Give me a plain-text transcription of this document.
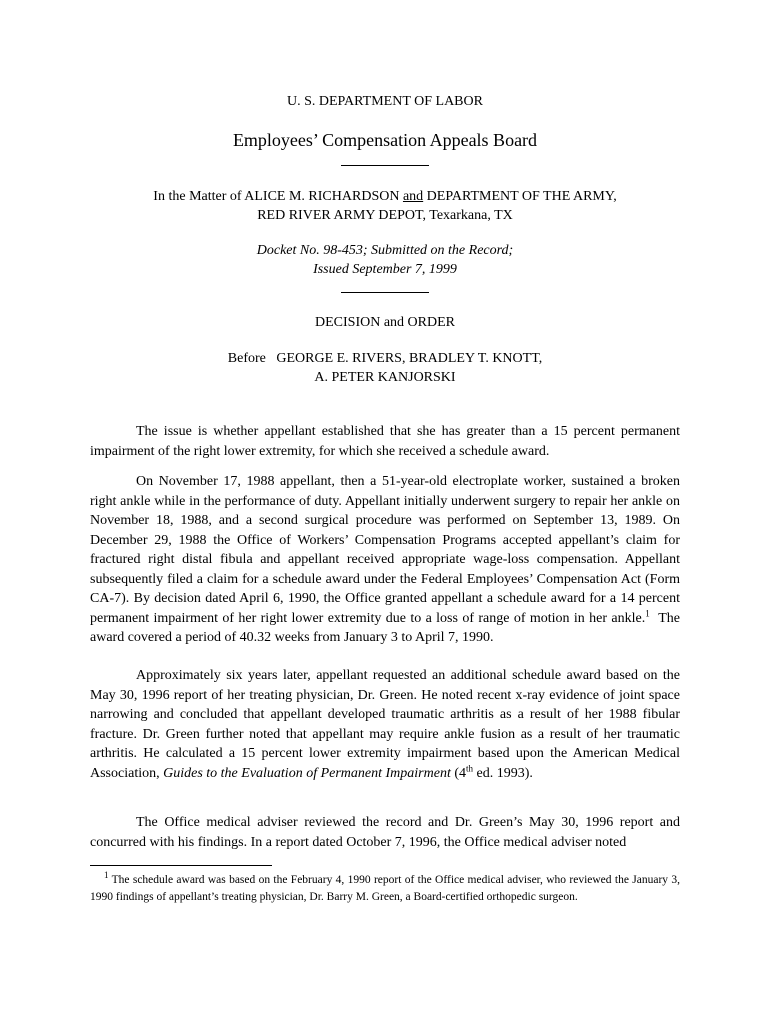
U. S. DEPARTMENT OF LABOR
Employees’ Compensation Appeals Board
In the Matter of ALICE M. RICHARDSON and DEPARTMENT OF THE ARMY,
RED RIVER ARMY DEPOT, Texarkana, TX
Docket No. 98-453; Submitted on the Record;
Issued September 7, 1999
DECISION and ORDER
Before   GEORGE E. RIVERS, BRADLEY T. KNOTT,
A. PETER KANJORSKI

The issue is whether appellant established that she has greater than a 15 percent permanent impairment of the right lower extremity, for which she received a schedule award.

On November 17, 1988 appellant, then a 51-year-old electroplate worker, sustained a broken right ankle while in the performance of duty. Appellant initially underwent surgery to repair her ankle on November 18, 1988, and a second surgical procedure was performed on September 13, 1989. On December 29, 1988 the Office of Workers’ Compensation Programs accepted appellant’s claim for fractured right distal fibula and appellant received appropriate wage-loss compensation. Appellant subsequently filed a claim for a schedule award under the Federal Employees’ Compensation Act (Form CA-7). By decision dated April 6, 1990, the Office granted appellant a schedule award for a 14 percent permanent impairment of her right lower extremity due to a loss of range of motion in her ankle.$^1$  The award covered a period of 40.32 weeks from January 3 to April 7, 1990.

Approximately six years later, appellant requested an additional schedule award based on the May 30, 1996 report of her treating physician, Dr. Green. He noted recent x-ray evidence of joint space narrowing and concluded that appellant developed traumatic arthritis as a result of her 1988 fibular fracture. Dr. Green further noted that appellant may require ankle fusion as a result of her traumatic arthritis. He calculated a 15 percent lower extremity impairment based upon the American Medical Association, Guides to the Evaluation of Permanent Impairment (4th ed. 1993).

The Office medical adviser reviewed the record and Dr. Green’s May 30, 1996 report and concurred with his findings. In a report dated October 7, 1996, the Office medical adviser noted

$^1$ The schedule award was based on the February 4, 1990 report of the Office medical adviser, who reviewed the January 3, 1990 findings of appellant’s treating physician, Dr. Barry M. Green, a Board-certified orthopedic surgeon.
